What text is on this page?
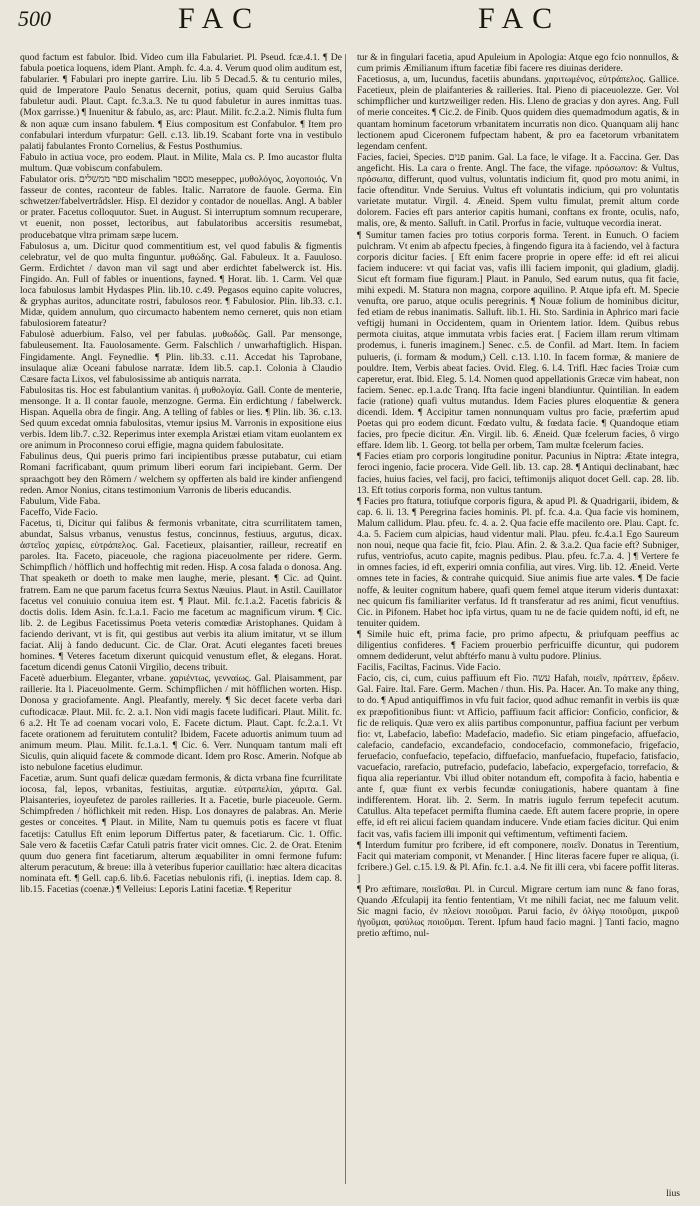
500	FAC	FAC

quod factum est fabulor. Ibid. Video cum illa Fabulariet. Pl. Pseud. fcæ.4.1. ¶ De fabula poetica loquens, idem Plant. Amph. fc. 4.a. 4. Verum quod olim auditum est, fabularier. ¶ Fabulari pro inepte garrire. Liu. lib 5 Decad.5. & tu centurio miles, quid de Imperatore Paulo Senatus decernit, potius, quam quid Seruius Galba fabuletur audi. Plaut. Capt. fc.3.a.3. Ne tu quod fabuletur in aures inmittas tuas. (Mox garrisse.) ¶ Inuenitur & fabulo, as, arc: Plaut. Milit. fc.2.a.2. Nimis flulta fum & non aquæ cum insano fabulem. ¶ Eius compositum est Confabulor. ¶ Item pro confabulari interdum vfurpatur: Gell. c.13. lib.19. Scabant forte vna in vestibulo palatij fabulantes Fronto Cornelius, & Festus Posthumius.

Fabulo in actiua voce, pro eodem. Plaut. in Milite, Mala cs. P. Imo aucastor flulta multum. Quæ vobiscum confabulem.

Fabulator oris. ספר ממשלים mischalim מספר meseppec, μυθολόγος, λογοποιός. Vn fasseur de contes, raconteur de fables. Italic. Narratore de fauole. Germa. Ein schwetzer/fabelvertrådsler. Hisp. El dezidor y contador de nouellas. Angl. A babler or prater. Facetus colloquutor. Suet. in August. Si interruptum somnum recuperare, vt euenit, non posset, lectoribus, aut fabulatoribus accersitis resumebat, producebatque vltra primam sæpe lucem.

Fabulosus a, um. Dicitur quod commentitium est, vel quod fabulis & figmentis celebratur, vel de quo multa finguntur. μυθώδης. Gal. Fabuleux. It a. Fauuloso. Germ. Erdichtet / davon man vil sagt und aber erdichtet fabelwerck ist. His. Fingido. An. Full of fables or inuentions, fayned. ¶ Horat. lib. 1. Carm. Vel quæ loca fabulosus lambit Hydaspes Plin. lib.10. c.49. Pegasos equino capite volucres, & gryphas auritos, aduncitate rostri, fabulosos reor. ¶ Fabulosior. Plin. lib.33. c.1. Midæ, quidem annulum, quo circumacto habentem nemo cerneret, quis non etiam fabulosiorem fateatur?

Fabulosè aduerbium. Falso, vel per fabulas. μυθωδῶς. Gall. Par mensonge, fabuleusement. Ita. Fauolosamente. Germ. Falschlich / unwarhaftiglich. Hispan. Fingidamente. Angl. Feynedlie. ¶ Plin. lib.33. c.11. Accedat his Taprobane, insulaque aliæ Oceani fabulose narratæ. Idem lib.5. cap.1. Colonia à Claudio Cæsare facta Lixos, vel fabulosissime ab antiquis narrata.

Fabulositas tis. Hoc est fabulantium vanitas. ἡ μυθολογία. Gall. Conte de menterie, mensonge. It a. Il contar fauole, menzogne. Germa. Ein erdichtung / fabelwerck. Hispan. Aquella obra de fingir. Ang. A telling of fables or lies. ¶ Plin. lib. 36. c.13. Sed quum excedat omnia fabulositas, vtemur ipsius M. Varronis in expositione eius verbis. Idem lib.7. c.32. Reperimus inter exempla Aristæi etiam vitam euolantem ex ore animum in Proconneso corui effigie, magna quidem fabulositate.

Fabulinus deus, Qui pueris primo fari incipientibus præsse putabatur, cui etiam Romani facrificabant, quum primum liberi eorum fari incipiebant. Germ. Der spraachgott bey den Römern / welchem sy opfferten als bald ire kinder anfiengend reden. Amor Nonius, citans testimonium Varronis de liberis educandis.

Fabulum, Vide Faba.

Faceffo, Vide Facio.

Facetus, ti, Dicitur qui falibus & fermonis vrbanitate, citra scurrilitatem tamen, abundat, Salsus vrbanus, venustus festus, concinnus, festiuus, argutus, dicax. ἀστεῖος χαρίεις, εὐτράπελος. Gal. Facetieux, plaisantier, railleur, recreatif en paroles. Ita. Faceto, piaceuole, che ragiona piaceuolmente per ridere. Germ. Schimpflich / höfflich und hoffechtig mit reden. Hisp. A cosa falada o donosa. Ang. That speaketh or doeth to make men laughe, merie, plesant. ¶ Cic. ad Quint. fratrem. Eam ne que parum facetus fcurra Sextus Næuius. Plaut. in Astil. Cauillator facetus vel conuiuio conuiua item est. ¶ Plaut. Mil. fc.1.a.2. Facetis fabricis & doctis dolis. Idem Asin. fc.1.a.1. Facio me facetum ac magnificum virum. ¶ Cic. lib. 2. de Legibus Facetissimus Poeta veteris comœdiæ Aristophanes. Quidam à faciendo derivant, vt is fit, qui gestibus aut verbis ita alium imitatur, vt se illum faciat. Alij à fando deducunt. Cic. de Clar. Orat. Acuti elegantes faceti breues homines. ¶ Veteres facetum dixerunt quicquid venustum eflet, & elegans. Horat. facetum dicendi genus Catonii Virgilio, decens tribuit.

Facetè aduerbium. Eleganter, vrbane. χαριέντως, γενναίως. Gal. Plaisamment, par raillerie. Ita l. Piaceuolmente. Germ. Schimpflichen / mit höfflichen worten. Hisp. Donosa y graciofamente. Angl. Pleafantly, merely. ¶ Sic decet facete verba dari cuftodicacæ. Plaut. Mil. fc. 2. a.1. Non vidi magis facete ludificari. Plaut. Milit. fc. 6 a.2. Ht Te ad coenam vocari volo, E. Facete dictum. Plaut. Capt. fc.2.a.1. Vt facete orationem ad feruitutem contulit? Ibidem, Facete aduortis animum tuum ad animum meum. Plau. Milit. fc.1.a.1. ¶ Cic. 6. Verr. Nunquam tantum mali eft Siculis, quin aliquid facete & commode dicant. Idem pro Rosc. Amerin. Nofque ab isto nebulone facetius eludimur.

Facetiæ, arum. Sunt quafi delicæ quædam fermonis, & dicta vrbana fine fcurrilitate iocosa, fal, lepos, vrbanitas, festiuitas, argutiæ. εὐτραπελίαι, χάριτα. Gal. Plaisanteries, ioyeufetez de paroles railleries. It a. Facetie, burle piaceuole. Germ. Schimpfreden / höflichkeit mit reden. Hisp. Los donayres de palabras. An. Merie gestes or conceites. ¶ Plaut. in Milite, Nam tu quemuis potis es facere vt fluat facetijs: Catullus Eft enim leporum Differtus pater, & facetiarum. Cic. 1. Offic. Sale vero & facetiis Cæfar Catuli patris frater vicit omnes. Cic. 2. de Orat. Etenim quum duo genera fint facetiarum, alterum æquabiliter in omni fermone fufum: alterum peracutum, & breue: illa à veteribus fuperior cauillatio: hæc altera dicacitas nominata eft. ¶ Gell. cap.6. lib.6. Facetias nebulonis rifi, (i. ineptias. Idem cap. 8. lib.15. Facetias (coenæ.) ¶ Velleius: Leporis Latini facetiæ. ¶ Reperitur

tur & in fingulari facetia, apud Apuleium in Apologia: Atque ego fcio nonnullos, & cum primis Æmilianum iftum facetiæ fibi facere res diuinas deridere.

Facetiosus, a, um, Iucundus, facetiis abundans. χαριτωμένος, εὐτράπελος. Gallice. Facetieux, plein de plaifanteries & railleries. Ital. Pieno di piaceuolezze. Ger. Vol schimpflicher und kurtzweiliger reden. His. Lleno de gracias y don ayres. Ang. Full of merie conceites. ¶ Cic.2. de Finib. Quos quidem dies quemadmodum agatis, & in quantam hominum facetorum vrbanitatem incurratis non dico. Quanquam alij hanc lectionem apud Ciceronem fufpectam habent, & pro ea facetorum vrbanitatem legendam cenfent.

Facies, faciei, Species. פנים panim. Gal. La face, le vifage. It a. Faccina. Ger. Das angeficht. His. La cara o frente. Angl. The face, the vifage. πρόσωπον: & Vultus, πρόσωπα, differunt, quod vultus, voluntatis indicium fit, quod pro motu animi, in facie oftenditur. Vnde Seruius. Vultus eft voluntatis indicium, qui pro voluntatis varietate mutatur. Virgil. 4. Æneid. Spem vultu fimulat, premit altum corde dolorem. Facies eft pars anterior capitis humani, conftans ex fronte, oculis, nafo, malis, ore, & mento. Salluft. in Catil. Prorfus in facie, vultuque vecordia inerat.

¶ Sumitur tamen facies pro totius corporis forma. Terent. in Eunuch. O faciem pulchram. Vt enim ab afpectu fpecies, à fingendo figura ita à faciendo, vel à factura corporis dicitur facies. [ Eft enim facere proprie in opere effe: id eft rei alicui faciem inducere: vt qui faciat vas, vafis illi faciem imponit, qui gladium, gladij. Sicut eft formam fiue figuram.] Plaut. in Panulo, Sed earum nutus, qua fit facie, mihi expedi. M. Statura non magna, corpore aquilino. P. Atque ipfa eft. M. Specie venufta, ore paruo, atque oculis peregrinis. ¶ Nouæ folium de hominibus dicitur, fed etiam de rebus inanimatis. Salluft. lib.1. Hi. Sto. Sardinia in Aphrico mari facie veftigij humani in Occidentem, quam in Orientem latior. Idem. Quibus rebus permota ciuitas, atque immutata vrbis facies erat. [ Faciem illam rerum vltimam prodemus, i. funeris imaginem.] Senec. c.5. de Confil. ad Mart. Item. In faciem pulueris, (i. formam & modum,) Cell. c.13. l.10. In facem formæ, & maniere de pouldre. Item, Verbis abeat facies. Ovid. Eleg. 6. l.4. Trifl. Hæc facies Troiæ cum caperetur, erat. Ibid. Eleg. 5. l.4. Nomen quod appellationis Græcæ vim habeat, non faciem. Senec. ep.1.a.dc Tranq. Ifta facie ingeni blandiuntur. Quintilian. In eadem facie (ratione) quafi vultus mutandus. Idem Facies plures eloquentiæ & genera dicendi. Idem. ¶ Accipitur tamen nonnunquam vultus pro facie, præfertim apud Poetas qui pro eodem dicunt. Fœdato vultu, & fœdata facie. ¶ Quandoque etiam facies, pro fpecie dicitur. Æn. Virgil. lib. 6. Æneid. Quæ fcelerum facies, ô virgo effare. Idem lib. 1. Georg. tot bella per orbem, Tam multæ fcelerum facies.

¶ Facies etiam pro corporis longitudine ponitur. Pacunius in Niptra: Ætate integra, feroci ingenio, facie procera. Vide Gell. lib. 13. cap. 28. ¶ Antiqui declinabant, hæc facies, huius facies, vel facij, pro facici, teftimonijs aliquot docet Gell. cap. 28. lib. 13. Eft totius corporis forma, non vultus tantum.

¶ Facies pro ftatura, totiufque corporis figura, & apud Pl. & Quadrigarii, ibidem, & cap. 6. li. 13. ¶ Peregrina facies hominis. Pl. pf. fc.a. 4.a. Qua facie vis hominem, Malum callidum. Plau. pfeu. fc. 4. a. 2. Qua facie effe macilento ore. Plau. Capt. fc. 4.a. 5. Faciem cum alpicias, haud videntur mali. Plau. pfeu. fc.4.a.1 Ego Saureum non noui, neque qua facie fit, fcio. Plau. Afin. 2. & 3.a.2. Qua facie eft? Subniger, rufus, ventriofus, acuto capite, magnis pedibus. Plau. pfeu. fc.7.a. 4. ] ¶ Vertere fe in omnes facies, id eft, experiri omnia confilia, aut vires. Virg. lib. 12. Æneid. Verte omnes tete in facies, & contrahe quicquid. Siue animis fiue arte vales. ¶ De facie noffe, & leuiter cognitum habere, quafi quem femel atque iterum videris duntaxat: nec quicum fis familiariter verfatus. Id ft transferatur ad res animi, ficut venuftius. Cic. in Pifonem. Habet hoc ipfa virtus, quam tu ne de facie quidem nofti, id eft, ne tenuiter quidem.

¶ Simile huic eft, prima facie, pro primo afpectu, & priufquam peeffius ac diligentius confideres. ¶ Faciem prouerbio perfricuiffe dicuntur, qui pudorem omnem dediderunt, velut abftérfo manu à vultu pudore. Plinius.

Facilis, Faciltas, Facinus. Vide Facio.

Facio, cis, ci, cum, cuius paffiuum eft Fio. עשה Hafah, ποιεῖν, πράττειν, ἔρδειν. Gal. Faire. Ital. Fare. Germ. Machen / thun. His. Pa. Hacer. An. To make any thing, to do. ¶ Apud antiquiffimos in vfu fuit facior, quod adhuc remanfit in verbis iis quæ ex præpofitionibus fiunt: vt Afficio, paffiuum facit afficior: Conficio, conficior, & fic de reliquis. Quæ vero ex aliis partibus componuntur, paffiua faciunt per verbum fio: vt, Labefacio, labefio: Madefacio, madefio. Sic etiam pingefacio, affuefacio, calefacio, candefacio, excandefacio, condocefacio, commonefacio, frigefacio, feruefacio, confuefacio, tepefacio, diffuefacio, manfuefacio, ftupefacio, fatisfacio, vacuefacio, rarefacio, putrefacio, pudefacio, labefacio, expergefacio, torrefacio, & fiqua alia reperiantur. Vbi illud obiter notandum eft, compofita à facio, habentia e ante f, quæ fiunt ex verbis fecundæ coniugationis, habere quantam à fine indifferentem. Horat. lib. 2. Serm. In matris iugulo ferrum tepefecit acutum. Catullus. Alta tepefacet permifta flumina caede. Eft autem facere proprie, in opere effe, id eft rei alicui faciem quandam inducere. Vnde etiam facies dicitur. Qui enim facit vas, vafis faciem illi imponit qui veftimentum, veftimenti faciem.

¶ Interdum fumitur pro fcribere, id eft componere, ποιεῖν. Donatus in Terentium, Facit qui materiam componit, vt Menander. [ Hinc literas facere fuper re aliqua, (i. fcribere.) Gel. c.15. l.9. & Pl. Afin. fc.1. a.4. Ne fit illi cera, vbi facere poffit literas. ]

¶ Pro æftimare, ποιεῖσθαι. Pl. in Curcul. Migrare certum iam nunc & fano foras, Quando Æfculapij ita fentio fententiam, Vt me nihili faciat, nec me faluum velit. Sic magni facio, ἐν πλείονι ποιοῦμαι. Parui facio, ἐν ὀλίγῳ ποιοῦμαι, μικροῦ ἡγοῦμαι, φαύλως ποιοῦμαι. Terent. Ipfum haud facio magni. ] Tanti facio, magno pretio æftimo, nul-

lius
